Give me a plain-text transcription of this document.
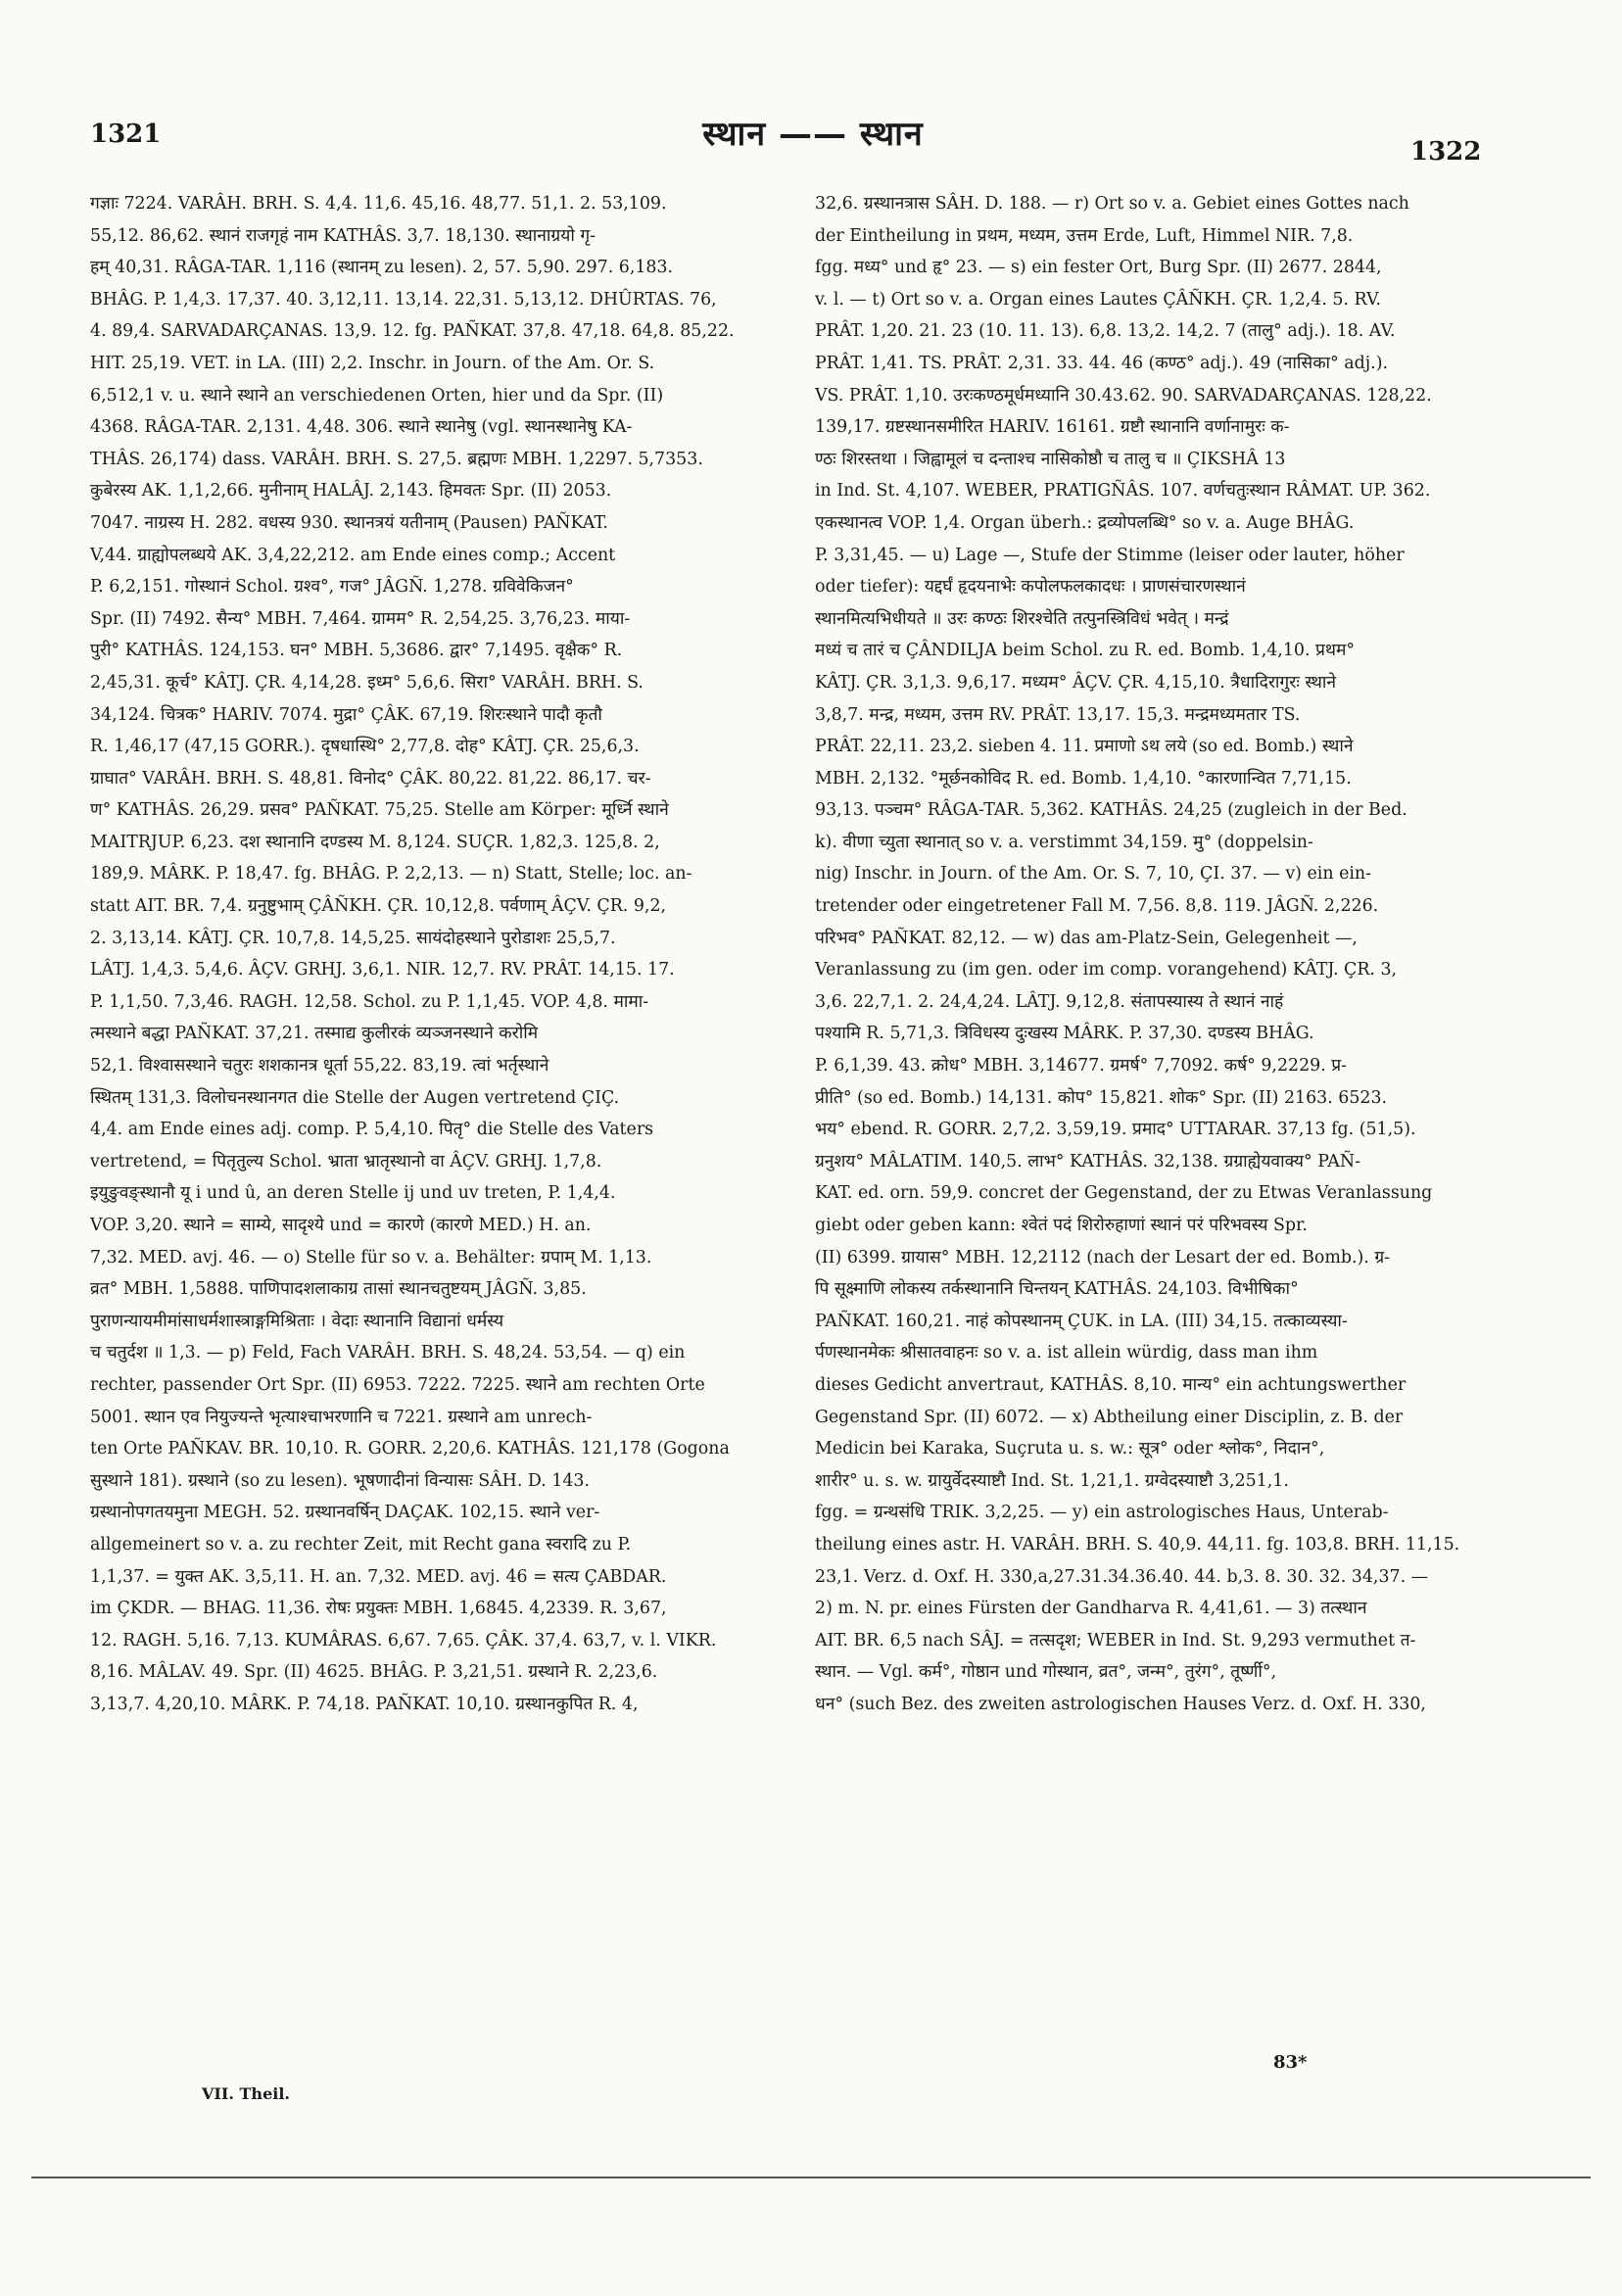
1321	स्थान —— स्थान	1322
गज्ञाः 7224. VARÂH. BRH. S. 4,4. 11,6. 45,16. 48,77. 51,1. 2. 53,109.
55,12. 86,62. स्थानं राजगृहं नाम KATHÂS. 3,7. 18,130. स्थानाग्रयो गृ-
हम् 40,31. RÂGA-TAR. 1,116 (स्थानम् zu lesen). 2, 57. 5,90. 297. 6,183.
BHÂG. P. 1,4,3. 17,37. 40. 3,12,11. 13,14. 22,31. 5,13,12. DHÛRTAS. 76,
4. 89,4. SARVADARÇANAS. 13,9. 12. fg. PAÑKAT. 37,8. 47,18. 64,8. 85,22.
HIT. 25,19. VET. in LA. (III) 2,2. Inschr. in Journ. of the Am. Or. S.
6,512,1 v. u. स्थाने स्थाने an verschiedenen Orten, hier und da Spr. (II)
4368. RÂGA-TAR. 2,131. 4,48. 306. स्थाने स्थानेषु (vgl. स्थानस्थानेषु KA-
THÂS. 26,174) dass. VARÂH. BRH. S. 27,5. ब्रह्मणः MBH. 1,2297. 5,7353.
कुबेरस्य AK. 1,1,2,66. मुनीनाम् HALÂJ. 2,143. हिमवतः Spr. (II) 2053.
7047. नाग्रस्य H. 282. वधस्य 930. स्थानत्रयं यतीनाम् (Pausen) PAÑKAT.
V,44. ग्राह्योपलब्धये AK. 3,4,22,212. am Ende eines comp.; Accent
P. 6,2,151. गोस्थानं Schol. ग्रश्व°, गज° JÂGÑ. 1,278. ग्रविवेकिजन°
Spr. (II) 7492. सैन्य° MBH. 7,464. ग्रामम° R. 2,54,25. 3,76,23. माया-
पुरी° KATHÂS. 124,153. घन° MBH. 5,3686. द्वार° 7,1495. वृक्षैक° R.
2,45,31. कूर्च° KÂTJ. ÇR. 4,14,28. इध्म° 5,6,6. सिरा° VARÂH. BRH. S.
34,124. चित्रक° HARIV. 7074. मुद्रा° ÇÂK. 67,19. शिरःस्थाने पादौ कृतौ
R. 1,46,17 (47,15 GORR.). दृषधास्थि° 2,77,8. दोह° KÂTJ. ÇR. 25,6,3.
ग्राघात° VARÂH. BRH. S. 48,81. विनोद° ÇÂK. 80,22. 81,22. 86,17. चर-
ण° KATHÂS. 26,29. प्रसव° PAÑKAT. 75,25. Stelle am Körper: मूर्ध्नि स्थाने
MAITRJUP. 6,23. दश स्थानानि दण्डस्य M. 8,124. SUÇR. 1,82,3. 125,8. 2,
189,9. MÂRK. P. 18,47. fg. BHÂG. P. 2,2,13. — n) Statt, Stelle; loc. an-
statt AIT. BR. 7,4. ग्रनुष्टुभाम् ÇÂÑKH. ÇR. 10,12,8. पर्वणाम् ÂÇV. ÇR. 9,2,
2. 3,13,14. KÂTJ. ÇR. 10,7,8. 14,5,25. सायंदोहस्थाने पुरोडाशः 25,5,7.
LÂTJ. 1,4,3. 5,4,6. ÂÇV. GRHJ. 3,6,1. NIR. 12,7. RV. PRÂT. 14,15. 17.
P. 1,1,50. 7,3,46. RAGH. 12,58. Schol. zu P. 1,1,45. VOP. 4,8. मामा-
त्मस्थाने बद्धा PAÑKAT. 37,21. तस्माद्य कुलीरकं व्यञ्जनस्थाने करोमि
52,1. विश्वासस्थाने चतुरः शशकानत्र धूर्ता 55,22. 83,19. त्वां भर्तृस्थाने
स्थितम् 131,3. विलोचनस्थानगत die Stelle der Augen vertretend ÇIÇ.
4,4. am Ende eines adj. comp. P. 5,4,10. पितृ° die Stelle des Vaters
vertretend, = पितृतुल्य Schol. भ्राता भ्रातृस्थानो वा ÂÇV. GRHJ. 1,7,8.
इयुङुवङ्स्थानौ यू i und û, an deren Stelle ij und uv treten, P. 1,4,4.
VOP. 3,20. स्थाने = साम्ये, सादृश्ये und = कारणे (कारणे MED.) H. an.
7,32. MED. avj. 46. — o) Stelle für so v. a. Behälter: ग्रपाम् M. 1,13.
व्रत° MBH. 1,5888. पाणिपादशलाकाग्र तासां स्थानचतुष्टयम् JÂGÑ. 3,85.
पुराणन्यायमीमांसाधर्मशास्त्राङ्गमिश्रिताः । वेदाः स्थानानि विद्यानां धर्मस्य
च चतुर्दश ॥ 1,3. — p) Feld, Fach VARÂH. BRH. S. 48,24. 53,54. — q) ein
rechter, passender Ort Spr. (II) 6953. 7222. 7225. स्थाने am rechten Orte
5001. स्थान एव नियुज्यन्ते भृत्याश्चाभरणानि च 7221. ग्रस्थाने am unrech-
ten Orte PAÑKAV. BR. 10,10. R. GORR. 2,20,6. KATHÂS. 121,178 (Gogona
सुस्थाने 181). ग्रस्थाने (so zu lesen). भूषणादीनां विन्यासः SÂH. D. 143.
ग्रस्थानोपगतयमुना MEGH. 52. ग्रस्थानवर्षिन् DAÇAK. 102,15. स्थाने ver-
allgemeinert so v. a. zu rechter Zeit, mit Recht gana स्वरादि zu P.
1,1,37. = युक्त AK. 3,5,11. H. an. 7,32. MED. avj. 46 = सत्य ÇABDAR.
im ÇKDR. — BHAG. 11,36. रोषः प्रयुक्तः MBH. 1,6845. 4,2339. R. 3,67,
12. RAGH. 5,16. 7,13. KUMÂRAS. 6,67. 7,65. ÇÂK. 37,4. 63,7, v. l. VIKR.
8,16. MÂLAV. 49. Spr. (II) 4625. BHÂG. P. 3,21,51. ग्रस्थाने R. 2,23,6.
3,13,7. 4,20,10. MÂRK. P. 74,18. PAÑKAT. 10,10. ग्रस्थानकुपित R. 4,
32,6. ग्रस्थानत्रास SÂH. D. 188. — r) Ort so v. a. Gebiet eines Gottes nach
der Eintheilung in प्रथम, मध्यम, उत्तम Erde, Luft, Himmel NIR. 7,8.
fgg. मध्य° und हृ° 23. — s) ein fester Ort, Burg Spr. (II) 2677. 2844,
v. l. — t) Ort so v. a. Organ eines Lautes ÇÂÑKH. ÇR. 1,2,4. 5. RV.
PRÂT. 1,20. 21. 23 (10. 11. 13). 6,8. 13,2. 14,2. 7 (तालु° adj.). 18. AV.
PRÂT. 1,41. TS. PRÂT. 2,31. 33. 44. 46 (कण्ठ° adj.). 49 (नासिका° adj.).
VS. PRÂT. 1,10. उरःकण्ठमूर्धमध्यानि 30.43.62. 90. SARVADARÇANAS. 128,22.
139,17. ग्रष्टस्थानसमीरित HARIV. 16161. ग्रष्टौ स्थानानि वर्णानामुरः क-
ण्ठः शिरस्तथा । जिह्वामूलं च दन्ताश्च नासिकोष्ठौ च तालु च ॥ ÇIKSHÂ 13
in Ind. St. 4,107. WEBER, PRATIGÑÂS. 107. वर्णचतुःस्थान RÂMAT. UP. 362.
एकस्थानत्व VOP. 1,4. Organ überh.: द्रव्योपलब्धि° so v. a. Auge BHÂG.
P. 3,31,45. — u) Lage —, Stufe der Stimme (leiser oder lauter, höher
oder tiefer): यद्दर्घं हृदयनाभेः कपोलफलकादधः । प्राणसंचारणस्थानं
स्थानमित्यभिधीयते ॥ उरः कण्ठः शिरश्चेति तत्पुनस्त्रिविधं भवेत् । मन्द्रं
मध्यं च तारं च ÇÂNDILJA beim Schol. zu R. ed. Bomb. 1,4,10. प्रथम°
KÂTJ. ÇR. 3,1,3. 9,6,17. मध्यम° ÂÇV. ÇR. 4,15,10. त्रैधादिरागुरः स्थाने
3,8,7. मन्द्र, मध्यम, उत्तम RV. PRÂT. 13,17. 15,3. मन्द्रमध्यमतार TS.
PRÂT. 22,11. 23,2. sieben 4. 11. प्रमाणो ऽथ लये (so ed. Bomb.) स्थाने
MBH. 2,132. °मूर्छनकोविद R. ed. Bomb. 1,4,10. °कारणान्वित 7,71,15.
93,13. पञ्चम° RÂGA-TAR. 5,362. KATHÂS. 24,25 (zugleich in der Bed.
k). वीणा च्युता स्थानात् so v. a. verstimmt 34,159. मु° (doppelsin-
nig) Inschr. in Journ. of the Am. Or. S. 7, 10, ÇI. 37. — v) ein ein-
tretender oder eingetretener Fall M. 7,56. 8,8. 119. JÂGÑ. 2,226.
परिभव° PAÑKAT. 82,12. — w) das am-Platz-Sein, Gelegenheit —,
Veranlassung zu (im gen. oder im comp. vorangehend) KÂTJ. ÇR. 3,
3,6. 22,7,1. 2. 24,4,24. LÂTJ. 9,12,8. संतापस्यास्य ते स्थानं नाहं
पश्यामि R. 5,71,3. त्रिविधस्य दुःखस्य MÂRK. P. 37,30. दण्डस्य BHÂG.
P. 6,1,39. 43. क्रोध° MBH. 3,14677. ग्रमर्ष° 7,7092. कर्ष° 9,2229. प्र-
प्रीति° (so ed. Bomb.) 14,131. कोप° 15,821. शोक° Spr. (II) 2163. 6523.
भय° ebend. R. GORR. 2,7,2. 3,59,19. प्रमाद° UTTARAR. 37,13 fg. (51,5).
ग्रनुशय° MÂLATIM. 140,5. लाभ° KATHÂS. 32,138. ग्रग्राह्येयवाक्य° PAÑ-
KAT. ed. orn. 59,9. concret der Gegenstand, der zu Etwas Veranlassung
giebt oder geben kann: श्वेतं पदं शिरोरुहाणां स्थानं परं परिभवस्य Spr.
(II) 6399. ग्रायास° MBH. 12,2112 (nach der Lesart der ed. Bomb.). ग्र-
पि सूक्ष्माणि लोकस्य तर्कस्थानानि चिन्तयन् KATHÂS. 24,103. विभीषिका°
PAÑKAT. 160,21. नाहं कोपस्थानम् ÇUK. in LA. (III) 34,15. तत्काव्यस्या-
र्पणस्थानमेकः श्रीसातवाहनः so v. a. ist allein würdig, dass man ihm
dieses Gedicht anvertraut, KATHÂS. 8,10. मान्य° ein achtungswerther
Gegenstand Spr. (II) 6072. — x) Abtheilung einer Disciplin, z. B. der
Medicin bei Karaka, Suçruta u. s. w.: सूत्र° oder श्लोक°, निदान°,
शारीर° u. s. w. ग्रायुर्वेदस्याष्टौ Ind. St. 1,21,1. ग्रग्वेदस्याष्टौ 3,251,1.
fgg. = ग्रन्थसंधि TRIK. 3,2,25. — y) ein astrologisches Haus, Unterab-
theilung eines astr. H. VARÂH. BRH. S. 40,9. 44,11. fg. 103,8. BRH. 11,15.
23,1. Verz. d. Oxf. H. 330,a,27.31.34.36.40. 44. b,3. 8. 30. 32. 34,37. —
2) m. N. pr. eines Fürsten der Gandharva R. 4,41,61. — 3) तत्स्थान
AIT. BR. 6,5 nach SÂJ. = तत्सदृश; WEBER in Ind. St. 9,293 vermuthet त-
स्थान. — Vgl. कर्म°, गोष्ठान und गोस्थान, व्रत°, जन्म°, तुरंग°, तूर्ष्णी°,
धन° (such Bez. des zweiten astrologischen Hauses Verz. d. Oxf. H. 330,
VII. Theil.
83*
